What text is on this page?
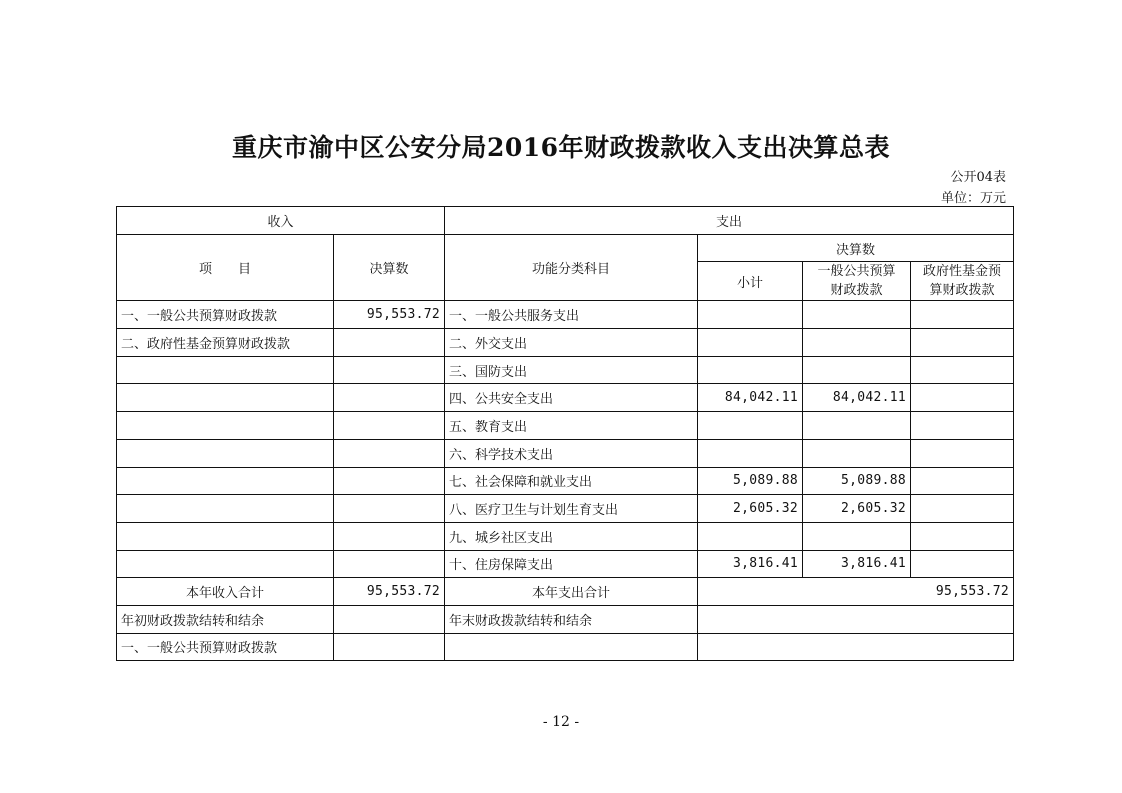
重庆市渝中区公安分局2016年财政拨款收入支出决算总表
公开04表
单位：万元
收入		支出			
项　　目	决算数	功能分类科目	决算数		
			小计	一般公共预算财政拨款	政府性基金预算财政拨款

一、一般公共预算财政拨款	95,553.72	一、一般公共服务支出			
二、政府性基金预算财政拨款		二、外交支出			
		三、国防支出			
		四、公共安全支出	84,042.11	84,042.11	
		五、教育支出			
		六、科学技术支出			
		七、社会保障和就业支出	5,089.88	5,089.88	
		八、医疗卫生与计划生育支出	2,605.32	2,605.32	
		九、城乡社区支出			
		十、住房保障支出	3,816.41	3,816.41	
本年收入合计	95,553.72	本年支出合计	95,553.72		
年初财政拨款结转和结余		年末财政拨款结转和结余			
一、一般公共预算财政拨款					
- 12 -
